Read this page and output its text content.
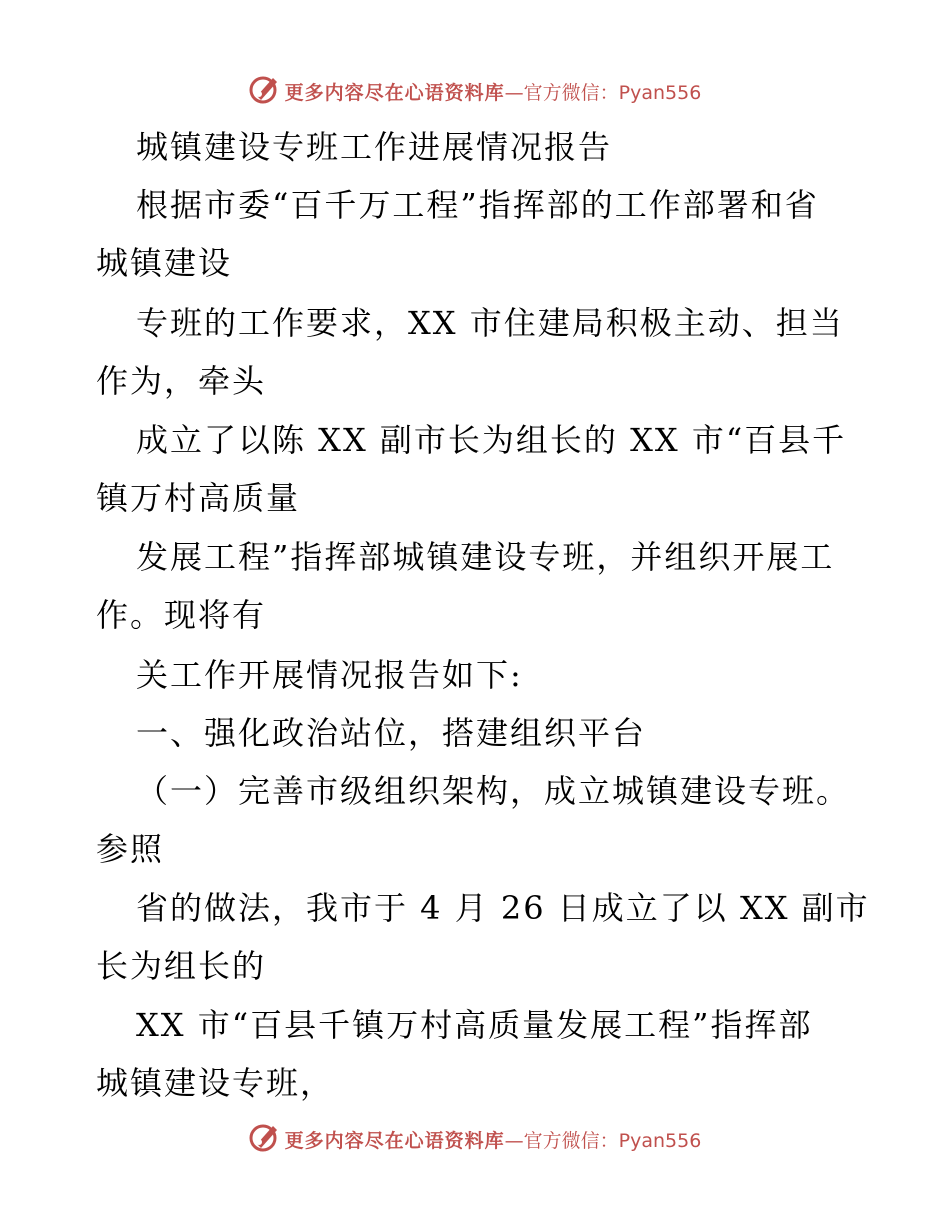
更多内容尽在心语资料库—官方微信：Pyan556
城镇建设专班工作进展情况报告
根据市委“百千万工程”指挥部的工作部署和省
城镇建设
专班的工作要求，XX 市住建局积极主动、担当
作为，牵头
成立了以陈 XX 副市长为组长的 XX 市“百县千
镇万村高质量
发展工程”指挥部城镇建设专班，并组织开展工
作。现将有
关工作开展情况报告如下:
一、强化政治站位，搭建组织平台
（一）完善市级组织架构，成立城镇建设专班。
参照
省的做法，我市于 4 月 26 日成立了以 XX 副市
长为组长的
XX 市“百县千镇万村高质量发展工程”指挥部
城镇建设专班，
更多内容尽在心语资料库—官方微信：Pyan556
